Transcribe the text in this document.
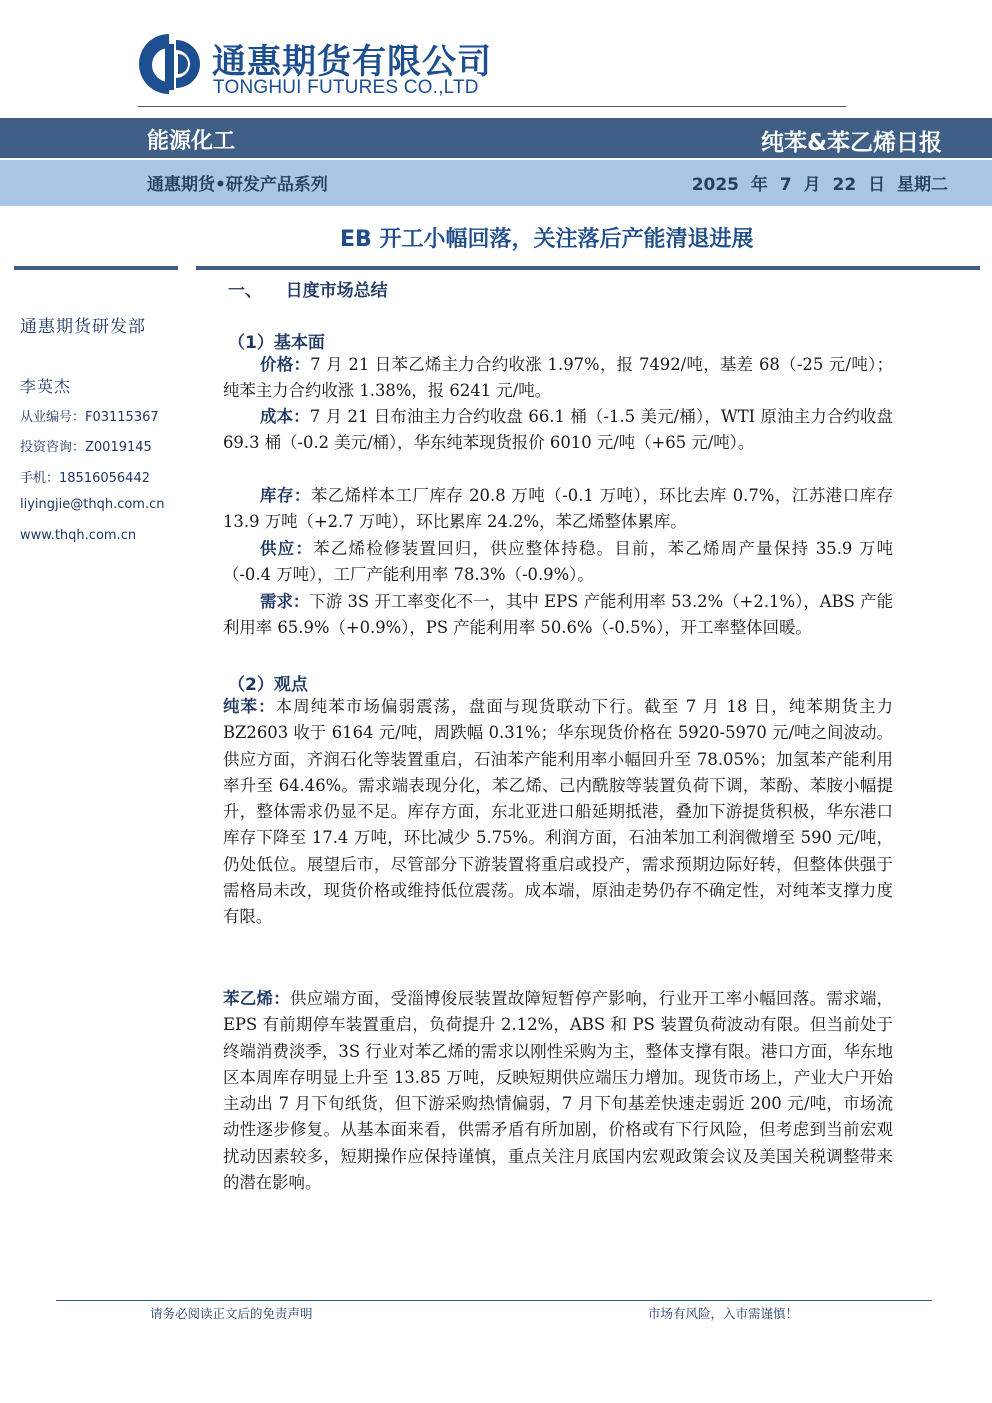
通惠期货有限公司
TONGHUI FUTURES CO.,LTD
能源化工	纯苯&苯乙烯日报
通惠期货•研发产品系列	2025 年 7 月 22 日 星期二
EB 开工小幅回落，关注落后产能清退进展
通惠期货研发部
李英杰
从业编号：F03115367
投资咨询：Z0019145
手机：18516056442
liyingjie@thqh.com.cn
www.thqh.com.cn
一、    日度市场总结
（1）基本面
价格：7 月 21 日苯乙烯主力合约收涨 1.97%，报 7492/吨，基差 68（-25 元/吨）；纯苯主力合约收涨 1.38%，报 6241 元/吨。
成本：7 月 21 日布油主力合约收盘 66.1 桶（-1.5 美元/桶），WTI 原油主力合约收盘 69.3 桶（-0.2 美元/桶），华东纯苯现货报价 6010 元/吨（+65 元/吨）。
库存：苯乙烯样本工厂库存 20.8 万吨（-0.1 万吨），环比去库 0.7%，江苏港口库存 13.9 万吨（+2.7 万吨），环比累库 24.2%，苯乙烯整体累库。
供应：苯乙烯检修装置回归，供应整体持稳。目前，苯乙烯周产量保持 35.9 万吨（-0.4 万吨），工厂产能利用率 78.3%（-0.9%）。
需求：下游 3S 开工率变化不一，其中 EPS 产能利用率 53.2%（+2.1%），ABS 产能利用率 65.9%（+0.9%），PS 产能利用率 50.6%（-0.5%），开工率整体回暖。
（2）观点
纯苯：本周纯苯市场偏弱震荡，盘面与现货联动下行。截至 7 月 18 日，纯苯期货主力 BZ2603 收于 6164 元/吨，周跌幅 0.31%；华东现货价格在 5920-5970 元/吨之间波动。供应方面，齐润石化等装置重启，石油苯产能利用率小幅回升至 78.05%；加氢苯产能利用率升至 64.46%。需求端表现分化，苯乙烯、己内酰胺等装置负荷下调，苯酚、苯胺小幅提升，整体需求仍显不足。库存方面，东北亚进口船延期抵港，叠加下游提货积极，华东港口库存下降至 17.4 万吨，环比减少 5.75%。利润方面，石油苯加工利润微增至 590 元/吨，仍处低位。展望后市，尽管部分下游装置将重启或投产，需求预期边际好转，但整体供强于需格局未改，现货价格或维持低位震荡。成本端，原油走势仍存不确定性，对纯苯支撑力度有限。
苯乙烯：供应端方面，受淄博俊辰装置故障短暂停产影响，行业开工率小幅回落。需求端，EPS 有前期停车装置重启，负荷提升 2.12%，ABS 和 PS 装置负荷波动有限。但当前处于终端消费淡季，3S 行业对苯乙烯的需求以刚性采购为主，整体支撑有限。港口方面，华东地区本周库存明显上升至 13.85 万吨，反映短期供应端压力增加。现货市场上，产业大户开始主动出 7 月下旬纸货，但下游采购热情偏弱，7 月下旬基差快速走弱近 200 元/吨，市场流动性逐步修复。从基本面来看，供需矛盾有所加剧，价格或有下行风险，但考虑到当前宏观扰动因素较多，短期操作应保持谨慎，重点关注月底国内宏观政策会议及美国关税调整带来的潜在影响。
请务必阅读正文后的免责声明	市场有风险，入市需谨慎！
